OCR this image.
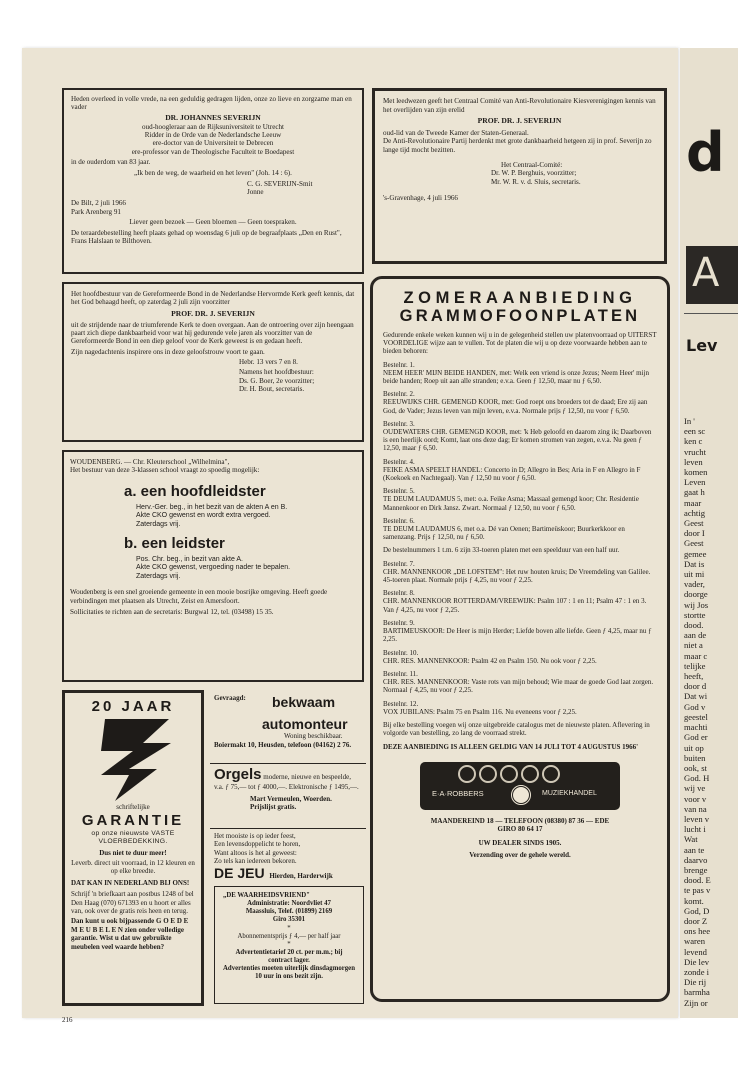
Heden overleed in volle vrede, na een geduldig gedragen lijden, onze zo lieve en zorgzame man en vader
DR. JOHANNES SEVERIJN
oud-hoogleraar aan de Rijksuniversiteit te Utrecht
Ridder in de Orde van de Nederlandsche Leeuw
ere-doctor van de Universiteit te Debrecen
ere-professor van de Theologische Faculteit te Boedapest
in de ouderdom van 83 jaar.
„Ik ben de weg, de waarheid en het leven" (Joh. 14 : 6).
C. G. SEVERIJN-Smit
Jonne
De Bilt, 2 juli 1966
Park Arenberg 91
Liever geen bezoek — Geen bloemen — Geen toespraken.
De teraardebestelling heeft plaats gehad op woensdag 6 juli op de begraafplaats „Den en Rust", Frans Halslaan te Bilthoven.
Met leedwezen geeft het Centraal Comité van Anti-Revolutionaire Kiesverenigingen kennis van het overlijden van zijn erelid
PROF. DR. J. SEVERIJN
oud-lid van de Tweede Kamer der Staten-Generaal.
De Anti-Revolutionaire Partij herdenkt met grote dankbaarheid hetgeen zij in prof. Severijn zo lange tijd mocht bezitten.
Het Centraal-Comité:
Dr. W. P. Berghuis, voorzitter;
Mr. W. R. v. d. Sluis, secretaris.
's-Gravenhage, 4 juli 1966
Het hoofdbestuur van de Gereformeerde Bond in de Nederlandse Hervormde Kerk geeft kennis, dat het God behaagd heeft, op zaterdag 2 juli zijn voorzitter
PROF. DR. J. SEVERIJN
uit de strijdende naar de triumferende Kerk te doen overgaan. Aan de ontroering over zijn heengaan paart zich diepe dankbaarheid voor wat hij gedurende vele jaren als voorzitter van de Gereformeerde Bond in een diep geloof voor de Kerk geweest is en gedaan heeft.
Zijn nagedachtenis inspirere ons in deze geloofstrouw voort te gaan.
Hebr. 13 vers 7 en 8.
Namens het hoofdbestuur:
Ds. G. Boer, 2e voorzitter;
Dr. H. Bout, secretaris.
WOUDENBERG. — Chr. Kleuterschool „Wilhelmina",
Het bestuur van deze 3-klassen school vraagt zo spoedig mogelijk:
a. een hoofdleidster
Herv.-Ger. beg., in het bezit van de akten A en B.
Akte CKO gewenst en wordt extra vergoed.
Zaterdags vrij.
b. een leidster
Pos. Chr. beg., in bezit van akte A.
Akte CKO gewenst, vergoeding nader te bepalen.
Zaterdags vrij.
Woudenberg is een snel groeiende gemeente in een mooie bosrijke omgeving. Heeft goede verbindingen met plaatsen als Utrecht, Zeist en Amersfoort.
Sollicitaties te richten aan de secretaris: Burgwal 12, tel. (03498) 15 35.
20 JAAR
schriftelijke
GARANTIE
op onze nieuwste VASTE VLOERBEDEKKING.
Dus niet te duur meer!
Leverb. direct uit voorraad, in 12 kleuren en op elke breedte.
DAT KAN IN NEDERLAND BIJ ONS!
Schrijf 'n briefkaart aan postbus 1248 of bel Den Haag (070) 671393 en u hoort er alles van, ook over de gratis reis heen en terug.
Dan kunt u ook bijpassende G O E D E M E U B E L E N zien onder volledige garantie. Wist u dat uw gebruikte meubelen veel waarde hebben?
Gevraagd:	bekwaam
automonteur
Woning beschikbaar.
Boiermakt 10, Heusden, telefoon (04162) 2 76.
Orgels moderne, nieuwe en bespeelde, v.a. ƒ 75,— tot ƒ 4000,—. Elektronische ƒ 1495,—.
Mart Vermeulen, Woerden.
Prijslijst gratis.
Het mooiste is op ieder feest,
Een levensdoppelicht te horen,
Want altoos is het al geweest:
Zo tels kan iedereen bekoren.
DE JEU Hierden, Harderwijk
„DE WAARHEIDSVRIEND"
Administratie: Noordvliet 47
Maassluis, Telef. (01899) 2169
Giro 35301
*
Abonnementsprijs ƒ 4,— per half jaar
*
Advertentietarief 20 ct. per m.m.; bij contract lager.
Advertenties moeten uiterlijk dinsdagmorgen 10 uur in ons bezit zijn.
ZOMERAANBIEDING
GRAMMOFOONPLATEN
Gedurende enkele weken kunnen wij u in de gelegenheid stellen uw platenvoorraad op UITERST VOORDELIGE wijze aan te vullen. Tot de platen die wij u op deze voorwaarde hebben aan te bieden behoren:
Bestelnr. 1.
NEEM HEER' MIJN BEIDE HANDEN, met: Welk een vriend is onze Jezus; Neem Heer' mijn beide handen; Roep uit aan alle stranden; e.v.a. Geen ƒ 12,50, maar nu ƒ 6,50.
Bestelnr. 2.
REEUWIJKS CHR. GEMENGD KOOR, met: God roept ons broeders tot de daad; Ere zij aan God, de Vader; Jezus leven van mijn leven, e.v.a. Normale prijs ƒ 12,50, nu voor ƒ 6,50.
Bestelnr. 3.
OUDEWATERS CHR. GEMENGD KOOR, met: 'k Heb geloofd en daarom zing ik; Daarboven is een heerlijk oord; Komt, laat ons deze dag; Er komen stromen van zegen, e.v.a. Nu geen ƒ 12,50, maar ƒ 6,50.
Bestelnr. 4.
FEIKE ASMA SPEELT HANDEL: Concerto in D; Allegro in Bes; Aria in F en Allegro in F (Koekoek en Nachtegaal). Van ƒ 12,50 nu voor ƒ 6,50.
Bestelnr. 5.
TE DEUM LAUDAMUS 5, met: o.a. Feike Asma; Massaal gemengd koor; Chr. Residentie Mannenkoor en Dirk Jansz. Zwart. Normaal ƒ 12,50, nu voor ƒ 6,50.
Bestelnr. 6.
TE DEUM LAUDAMUS 6, met o.a. Dé van Oenen; Bartimeüskoor; Buurkerkkoor en samenzang. Prijs ƒ 12,50, nu ƒ 6,50.
De bestelnummers 1 t.m. 6 zijn 33-toeren platen met een speelduur van een half uur.
Bestelnr. 7.
CHR. MANNENKOOR „DE LOFSTEM": Het ruw houten kruis; De Vreemdeling van Galilee. 45-toeren plaat. Normale prijs ƒ 4,25, nu voor ƒ 2,25.
Bestelnr. 8.
CHR. MANNENKOOR ROTTERDAM/VREEWIJK: Psalm 107 : 1 en 11; Psalm 47 : 1 en 3. Van ƒ 4,25, nu voor ƒ 2,25.
Bestelnr. 9.
BARTIMEUSKOOR: De Heer is mijn Herder; Liefde boven alle liefde. Geen ƒ 4,25, maar nu ƒ 2,25.
Bestelnr. 10.
CHR. RES. MANNENKOOR: Psalm 42 en Psalm 150. Nu ook voor ƒ 2,25.
Bestelnr. 11.
CHR. RES. MANNENKOOR: Vaste rots van mijn behoud; Wie maar de goede God laat zorgen. Normaal ƒ 4,25, nu voor ƒ 2,25.
Bestelnr. 12.
VOX JUBILANS: Psalm 75 en Psalm 116. Nu eveneens voor ƒ 2,25.
Bij elke bestelling voegen wij onze uitgebreide catalogus met de nieuwste platen. Aflevering in volgorde van bestelling, zo lang de voorraad strekt.
DEZE AANBIEDING IS ALLEEN GELDIG VAN 14 JULI TOT 4 AUGUSTUS 1966'
E·A·ROBBERS	MUZIEKHANDEL
MAANDEREIND 18 — TELEFOON (08380) 87 36 — EDE
GIRO 80 64 17
UW DEALER SINDS 1905.
Verzending over de gehele wereld.
216
d
A
Lev
In '
een sc
ken c
vrucht
leven
komen
Leven
gaat h
maar
achtig
Geest
door I
Geest
gemee
Dat is
uit mi
vader,
doorge
wij Jos
stortte
dood.
aan de
niet a
maar c
telijke
heeft,
door d
Dat wi
God v
geestel
machti
God er
uit op
buiten
ook, st
God. H
wij ve
voor v
van na
leven v
lucht i
Wat
aan te
daarvo
brenge
dood. E
te pas v
komt.
God, D
door Z
ons hee
waren
levend
Die lev
zonde i
Die rij
barmha
Zijn or
